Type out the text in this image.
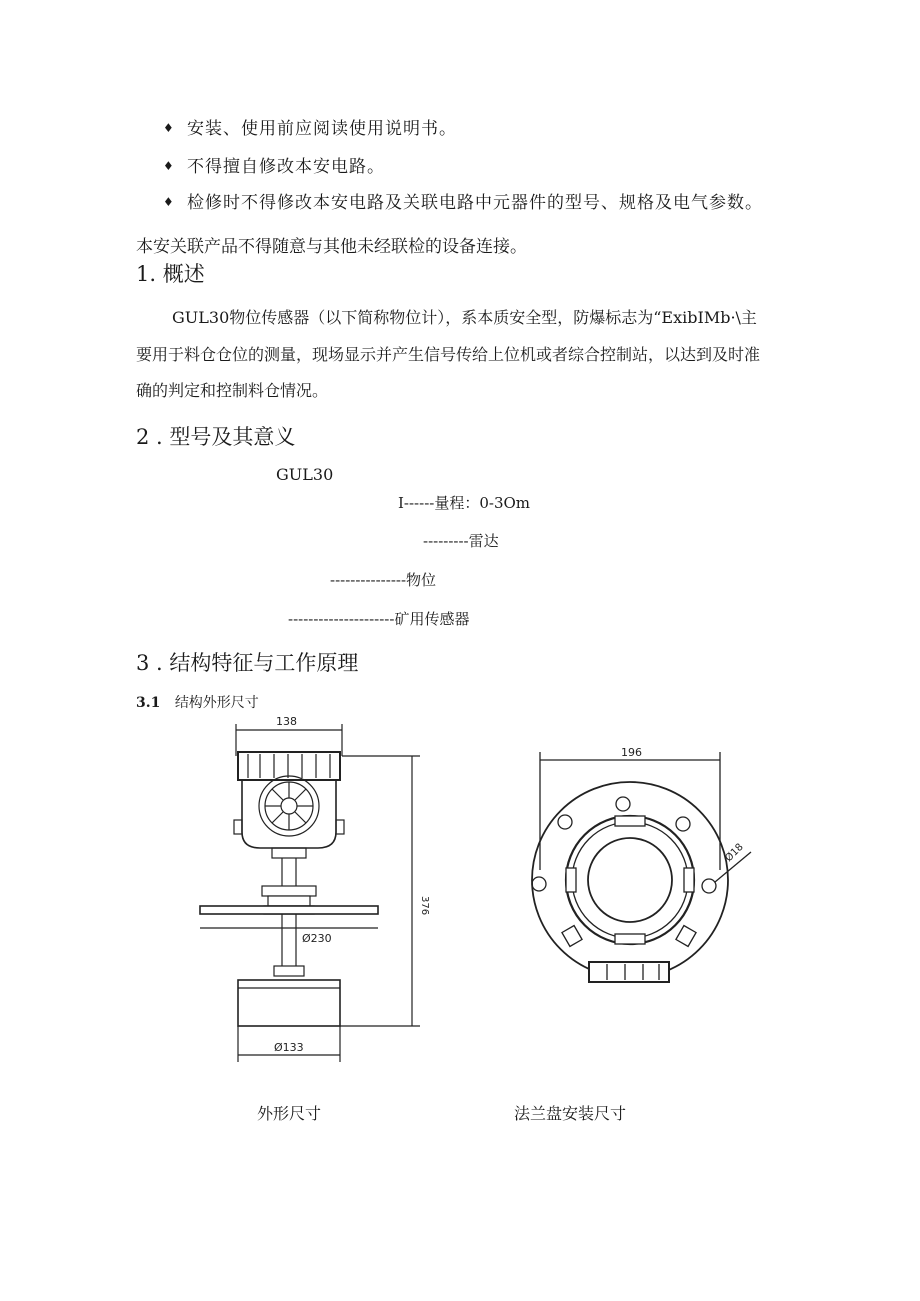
♦ 安装、使用前应阅读使用说明书。
♦ 不得擅自修改本安电路。
♦ 检修时不得修改本安电路及关联电路中元器件的型号、规格及电气参数。
本安关联产品不得随意与其他未经联检的设备连接。
1. 概述
GUL30物位传感器（以下简称物位计），系本质安全型，防爆标志为“ExibIMb·\主
要用于料仓仓位的测量，现场显示并产生信号传给上位机或者综合控制站，以达到及时准
确的判定和控制料仓情况。
2 . 型号及其意义
GUL30
I------量程：0-3Om
---------雷达
---------------物位
---------------------矿用传感器
3 . 结构特征与工作原理
3.1 结构外形尺寸
Ø230
138
Ø133
376
196
Ø18
外形尺寸	法兰盘安装尺寸
